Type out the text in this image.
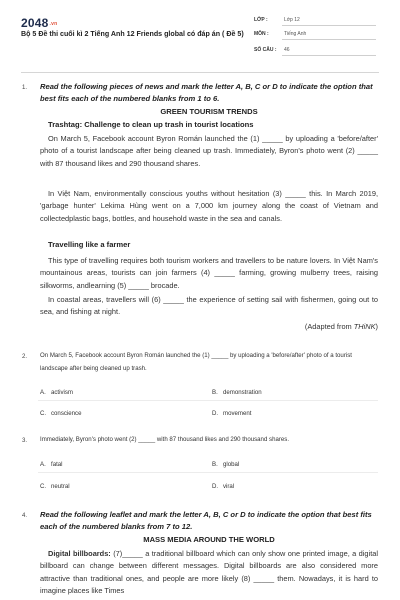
$2048^{.vn}$
Bộ 5 Đề thi cuối kì 2 Tiếng Anh 12 Friends global có đáp án ( Đề 5)
LỚP :	Lớp 12
MÔN :	Tiếng Anh
SỐ CÂU : 46
1. Read the following pieces of news and mark the letter A, B, C or D to indicate the option that best fits each of the numbered blanks from 1 to 6.
GREEN TOURISM TRENDS
Trashtag: Challenge to clean up trash in tourist locations
On March 5, Facebook account Byron Román launched the (1) _____ by uploading a 'before/after' photo of a tourist landscape after being cleaned up trash. Immediately, Byron's photo went (2) _____ with 87 thousand likes and 290 thousand shares.
In Việt Nam, environmentally conscious youths without hesitation (3) _____ this. In March 2019, 'garbage hunter' Lekima Hùng went on a 7,000 km journey along the coast of Vietnam and collectedplastic bags, bottles, and household waste in the sea and canals.
Travelling like a farmer
This type of travelling requires both tourism workers and travellers to be nature lovers. In Việt Nam's mountainous areas, tourists can join farmers (4) _____ farming, growing mulberry trees, raising silkworms, andlearning (5) _____ brocade.
In coastal areas, travellers will (6) _____ the experience of setting sail with fishermen, going out to sea, and fishing at night.
(Adapted from THiNK)
2. On March 5, Facebook account Byron Román launched the (1) _____ by uploading a 'before/after' photo of a tourist landscape after being cleaned up trash.
A. activism	B. demonstration
C. conscience	D. movement
3. Immediately, Byron's photo went (2) _____ with 87 thousand likes and 290 thousand shares.
A. fatal	B. global
C. neutral	D. viral
4. Read the following leaflet and mark the letter A, B, C or D to indicate the option that best fits each of the numbered blanks from 7 to 12.
MASS MEDIA AROUND THE WORLD
Digital billboards: (7)_____ a traditional billboard which can only show one printed image, a digital billboard can change between different messages. Digital billboards are also considered more attractive than traditional ones, and people are more likely (8) _____ them. Nowadays, it is hard to imagine places like Times
